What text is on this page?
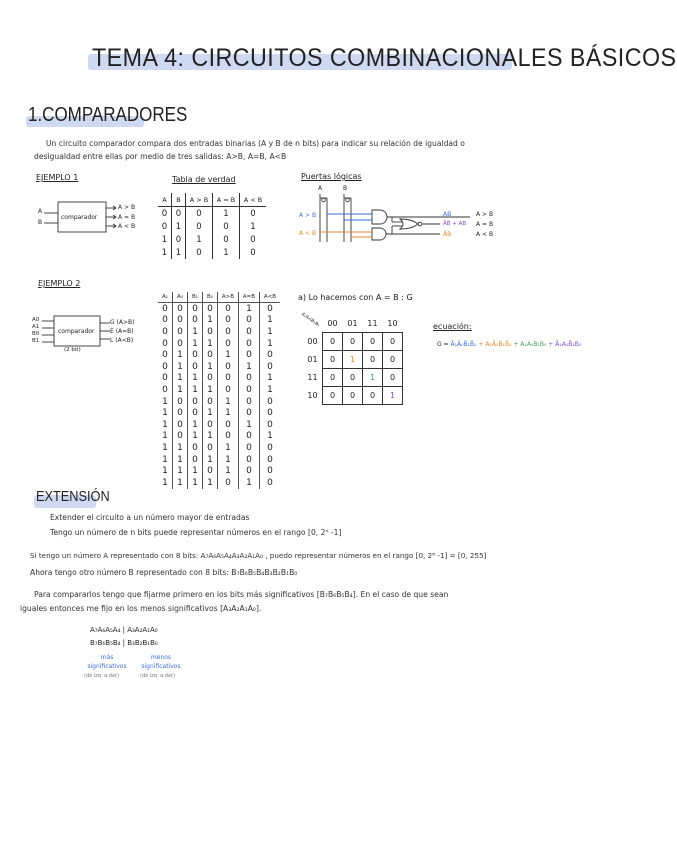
TEMA 4: CIRCUITOS COMBINACIONALES BÁSICOS
1.COMPARADORES
Un circuito comparador compara dos entradas binarias (A y B de n bits) para indicar su relación de igualdad o
desigualdad entre ellas por medio de tres salidas: A>B, A=B, A<B
EJEMPLO 1
A
B
comparador
A > B
A = B
A < B
Tabla de verdad
A	B	A > B	A = B	A < B
0	0	0	1	0
0	1	0	0	1
1	0	1	0	0
1	1	0	1	0
Puertas lógicas
A	B
A > B
A < B
AB
ĀB̄ + AB
ĀB
A > B
A = B
A < B
EJEMPLO 2
A0
A1
B0
B1
comparador
G (A>B)
E (A=B)
L (A<B)
(2 bit)
A₁	A₀	B₁	B₀	A>B	A=B	A<B
0	0	0	0	0	1	0
0	0	0	1	0	0	1
0	0	1	0	0	0	1
0	0	1	1	0	0	1
0	1	0	0	1	0	0
0	1	0	1	0	1	0
0	1	1	0	0	0	1
0	1	1	1	0	0	1
1	0	0	0	1	0	0
1	0	0	1	1	0	0
1	0	1	0	0	1	0
1	0	1	1	0	0	1
1	1	0	0	1	0	0
1	1	0	1	1	0	0
1	1	1	0	1	0	0
1	1	1	1	0	1	0
a) Lo hacemos con A = B : G
A₁A₀\B₁B₀
	00	01	11	10
00	0	0	0	0
01	0	1	0	0
11	0	0	1	0
10	0	0	0	1
ecuación:
G = Ā₁Ā₀B̄₁B̄₀ + A₁Ā₀B₁B̄₀ + A₁A₀B₁B₀ + Ā₁A₀B̄₁B₀
EXTENSIÓN
Extender el circuito a un número mayor de entradas
Tengo un número de n bits puede representar números en el rango [0, 2ⁿ -1]
Si tengo un número A representado con 8 bits: A₇A₆A₅A₄A₃A₂A₁A₀ , puedo representar números en el rango [0, 2⁸ -1] = [0, 255]
Ahora tengo otro número B representado con 8 bits: B₇B₆B₅B₄B₃B₂B₁B₀
Para compararlos tengo que fijarme primero en los bits más significativos [B₇B₆B₅B₄]. En el caso de que sean
iguales entonces me fijo en los menos significativos [A₃A₂A₁A₀].
A₇A₆A₅A₄ | A₃A₂A₁A₀
B₇B₆B₅B₄ | B₃B₂B₁B₀
más significativos
menos significativos
(de izq. a der)	(de izq. a der)
